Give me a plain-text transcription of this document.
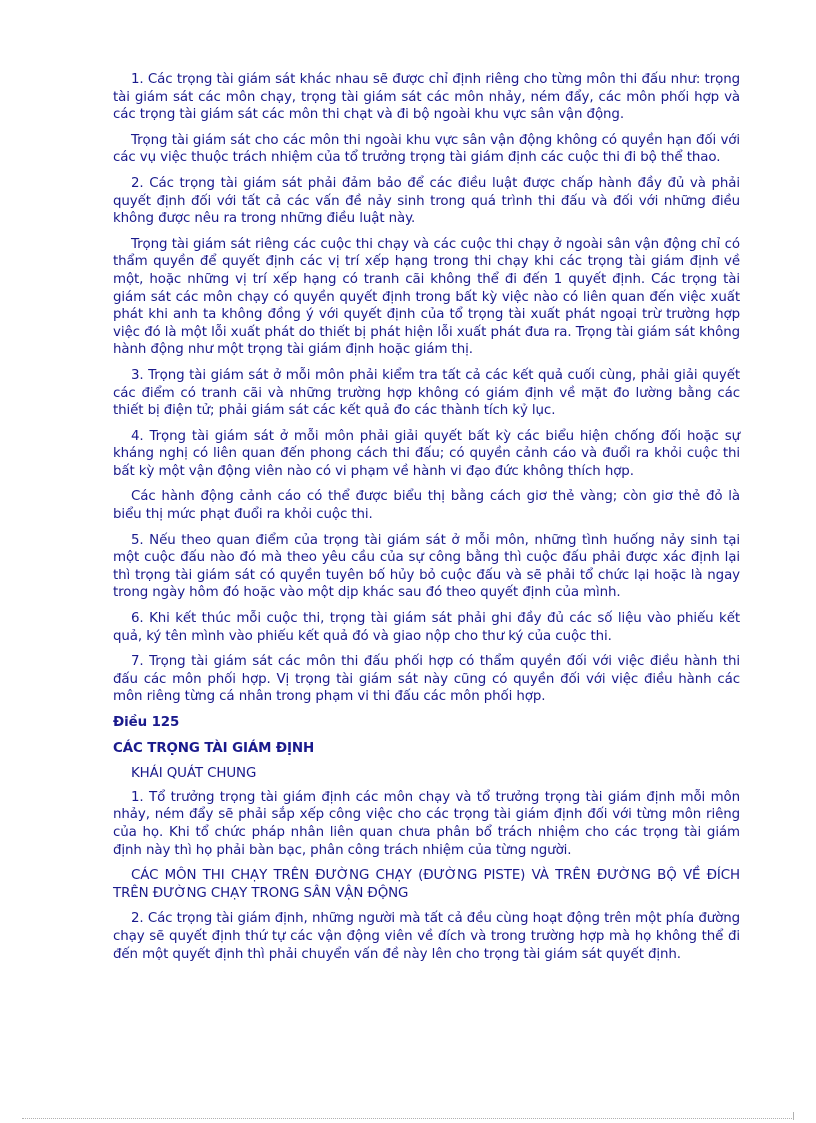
1. Các trọng tài giám sát khác nhau sẽ được chỉ định riêng cho từng môn thi đấu như: trọng tài giám sát các môn chạy, trọng tài giám sát các môn nhảy, ném đẩy, các môn phối hợp và các trọng tài giám sát các môn thi chạt và đi bộ ngoài khu vực sân vận động.

Trọng tài giám sát cho các môn thi ngoài khu vực sân vận động không có quyền hạn đối với các vụ việc thuộc trách nhiệm của tổ trưởng trọng tài giám định các cuộc thi đi bộ thể thao.

2. Các trọng tài giám sát phải đảm bảo để các điều luật được chấp hành đầy đủ và phải quyết định đối với tất cả các vấn đề nảy sinh trong quá trình thi đấu và đối với những điều không được nêu ra trong những điều luật này.

Trọng tài giám sát riêng các cuộc thi chạy và các cuộc thi chạy ở ngoài sân vận động chỉ có thẩm quyền để quyết định các vị trí xếp hạng trong thi chạy khi các trọng tài giám định về một, hoặc những vị trí xếp hạng có tranh cãi không thể đi đến 1 quyết định. Các trọng tài giám sát các môn chạy có quyền quyết định trong bất kỳ việc nào có liên quan đến việc xuất phát khi anh ta không đồng ý với quyết định của tổ trọng tài xuất phát ngoại trừ trường hợp việc đó là một lỗi xuất phát do thiết bị phát hiện lỗi xuất phát đưa ra. Trọng tài giám sát không hành động như một trọng tài giám định hoặc giám thị.

3. Trọng tài giám sát ở mỗi môn phải kiểm tra tất cả các kết quả cuối cùng, phải giải quyết các điểm có tranh cãi và những trường hợp không có giám định về mặt đo lường bằng các thiết bị điện tử; phải giám sát các kết quả đo các thành tích kỷ lục.

4. Trọng tài giám sát ở mỗi môn phải giải quyết bất kỳ các biểu hiện chống đối hoặc sự kháng nghị có liên quan đến phong cách thi đấu; có quyền cảnh cáo và đuổi ra khỏi cuộc thi bất kỳ một vận động viên nào có vi phạm về hành vi đạo đức không thích hợp.

Các hành động cảnh cáo có thể được biểu thị bằng cách giơ thẻ vàng; còn giơ thẻ đỏ là biểu thị mức phạt đuổi ra khỏi cuộc thi.

5. Nếu theo quan điểm của trọng tài giám sát ở mỗi môn, những tình huống nảy sinh tại một cuộc đấu nào đó mà theo yêu cầu của sự công bằng thì cuộc đấu phải được xác định lại thì trọng tài giám sát có quyền tuyên bố hủy bỏ cuộc đấu và sẽ phải tổ chức lại hoặc là ngay trong ngày hôm đó hoặc vào một dịp khác sau đó theo quyết định của mình.

6. Khi kết thúc mỗi cuộc thi, trọng tài giám sát phải ghi đầy đủ các số liệu vào phiếu kết quả, ký tên mình vào phiếu kết quả đó và giao nộp cho thư ký của cuộc thi.

7. Trọng tài giám sát các môn thi đấu phối hợp có thẩm quyền đối với việc điều hành thi đấu các môn phối hợp. Vị trọng tài giám sát này cũng có quyền đối với việc điều hành các môn riêng từng cá nhân trong phạm vi thi đấu các môn phối hợp.

Điều 125

CÁC TRỌNG TÀI GIÁM ĐỊNH

KHÁI QUÁT CHUNG

1. Tổ trưởng trọng tài giám định các môn chạy và tổ trưởng trọng tài giám định mỗi môn nhảy, ném đẩy sẽ phải sắp xếp công việc cho các trọng tài giám định đối với từng môn riêng của họ. Khi tổ chức pháp nhân liên quan chưa phân bổ trách nhiệm cho các trọng tài giám định này thì họ phải bàn bạc, phân công trách nhiệm của từng người.

CÁC MÔN THI CHẠY TRÊN ĐƯỜNG CHẠY (ĐƯỜNG PISTE) VÀ TRÊN ĐƯỜNG BỘ VỀ ĐÍCH TRÊN ĐƯỜNG CHẠY TRONG SÂN VẬN ĐỘNG

2. Các trọng tài giám định, những người mà tất cả đều cùng hoạt động trên một phía đường chạy sẽ quyết định thứ tự các vận động viên về đích và trong trường hợp mà họ không thể đi đến một quyết định thì phải chuyển vấn đề này lên cho trọng tài giám sát quyết định.
